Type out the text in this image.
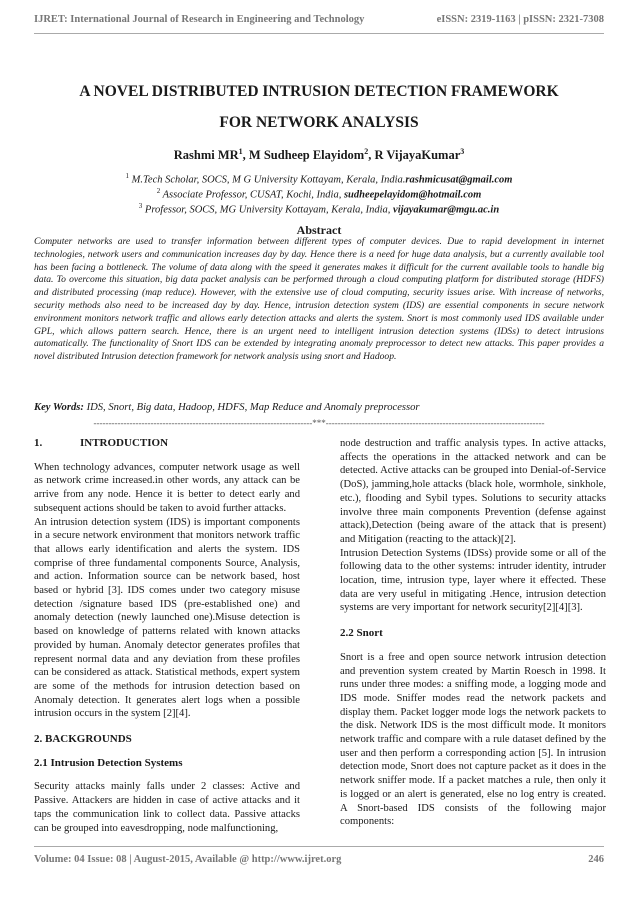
IJRET: International Journal of Research in Engineering and Technology	eISSN: 2319-1163 | pISSN: 2321-7308
A NOVEL DISTRIBUTED INTRUSION DETECTION FRAMEWORK
FOR NETWORK ANALYSIS
Rashmi $MR^1$, M Sudheep Elayidom$^2$, R VijayaKumar$^3$
$^1$ M.Tech Scholar, SOCS, M G University Kottayam, Kerala, India.rashmicusat@gmail.com
$^2$ Associate Professor, CUSAT, Kochi, India, sudheepelayidom@hotmail.com
$^3$ Professor, SOCS, MG University Kottayam, Kerala, India, vijayakumar@mgu.ac.in
Abstract
Computer networks are used to transfer information between different types of computer devices. Due to rapid development in internet technologies, network users and communication increases day by day. Hence there is a need for huge data analysis, but a currently available tool has been facing a bottleneck. The volume of data along with the speed it generates makes it difficult for the current available tools to handle big data. To overcome this situation, big data packet analysis can be performed through a cloud computing platform for distributed storage (HDFS) and distributed processing (map reduce). However, with the extensive use of cloud computing, security issues arise. With increase of networks, security methods also need to be increased day by day. Hence, intrusion detection system (IDS) are essential components in secure network environment monitors network traffic and allows early detection attacks and alerts the system. Snort is most commonly used IDS available under GPL, which allows pattern search. Hence, there is an urgent need to intelligent intrusion detection systems (IDSs) to detect intrusions automatically. The functionality of Snort IDS can be extended by integrating anomaly preprocessor to detect new attacks. This paper provides a novel distributed Intrusion detection framework for network analysis using snort and Hadoop.
Key Words: IDS, Snort, Big data, Hadoop, HDFS, Map Reduce and Anomaly preprocessor
-------------------------------------------------------------------------***-------------------------------------------------------------------------
1.	INTRODUCTION

When technology advances, computer network usage as well as network crime increased.in other words, any attack can be arrive from any node. Hence it is better to detect early and subsequent actions should be taken to avoid further attacks.

An intrusion detection system (IDS) is important components in a secure network environment that monitors network traffic that allows early identification and alerts the system. IDS comprise of three fundamental components Source, Analysis, and action. Information source can be network based, host based or hybrid [3]. IDS comes under two category misuse detection /signature based IDS (pre-established one) and anomaly detection (newly launched one).Misuse detection is based on knowledge of patterns related with known attacks provided by human. Anomaly detector generates profiles that represent normal data and any deviation from these profiles can be considered as attack. Statistical methods, expert system are some of the methods for intrusion detection based on Anomaly detection. It generates alert logs when a possible intrusion occurs in the system [2][4].

2. BACKGROUNDS
2.1 Intrusion Detection Systems

Security attacks mainly falls under 2 classes: Active and Passive. Attackers are hidden in case of active attacks and it taps the communication link to collect data. Passive attacks can be grouped into eavesdropping, node malfunctioning,

node destruction and traffic analysis types. In active attacks, affects the operations in the attacked network and can be detected. Active attacks can be grouped into Denial-of-Service (DoS), jamming,hole attacks (black hole, wormhole, sinkhole, etc.), flooding and Sybil types. Solutions to security attacks involve three main components Prevention (defense against attack),Detection (being aware of the attack that is present) and Mitigation (reacting to the attack)[2].

Intrusion Detection Systems (IDSs) provide some or all of the following data to the other systems: intruder identity, intruder location, time, intrusion type, layer where it effected. These data are very useful in mitigating .Hence, intrusion detection systems are very important for network security[2][4][3].

2.2 Snort

Snort is a free and open source network intrusion detection and prevention system created by Martin Roesch in 1998. It runs under three modes: a sniffing mode, a logging mode and IDS mode. Sniffer modes read the network packets and display them. Packet logger mode logs the network packets to the disk. Network IDS is the most difficult mode. It monitors network traffic and compare with a rule dataset defined by the user and then perform a corresponding action [5]. In intrusion detection mode, Snort does not capture packet as it does in the network sniffer mode. If a packet matches a rule, then only it is logged or an alert is generated, else no log entry is created. A Snort-based IDS consists of the following major components:

Volume: 04 Issue: 08 | August-2015, Available @ http://www.ijret.org	246
